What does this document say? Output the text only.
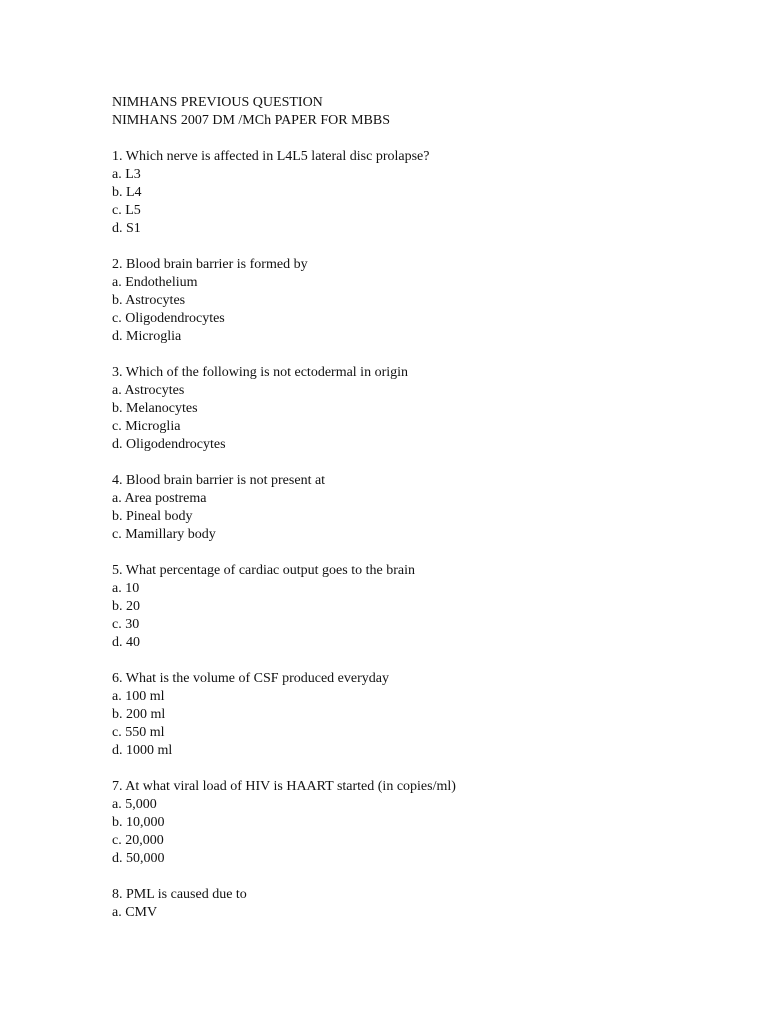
NIMHANS PREVIOUS QUESTION
NIMHANS 2007 DM /MCh PAPER FOR MBBS
1. Which nerve is affected in L4L5 lateral disc prolapse?
a. L3
b. L4
c. L5
d. S1
2. Blood brain barrier is formed by
a. Endothelium
b. Astrocytes
c. Oligodendrocytes
d. Microglia
3. Which of the following is not ectodermal in origin
a. Astrocytes
b. Melanocytes
c. Microglia
d. Oligodendrocytes
4. Blood brain barrier is not present at
a. Area postrema
b. Pineal body
c. Mamillary body
5. What percentage of cardiac output goes to the brain
a. 10
b. 20
c. 30
d. 40
6. What is the volume of CSF produced everyday
a. 100 ml
b. 200 ml
c. 550 ml
d. 1000 ml
7. At what viral load of HIV is HAART started (in copies/ml)
a. 5,000
b. 10,000
c. 20,000
d. 50,000
8. PML is caused due to
a. CMV
